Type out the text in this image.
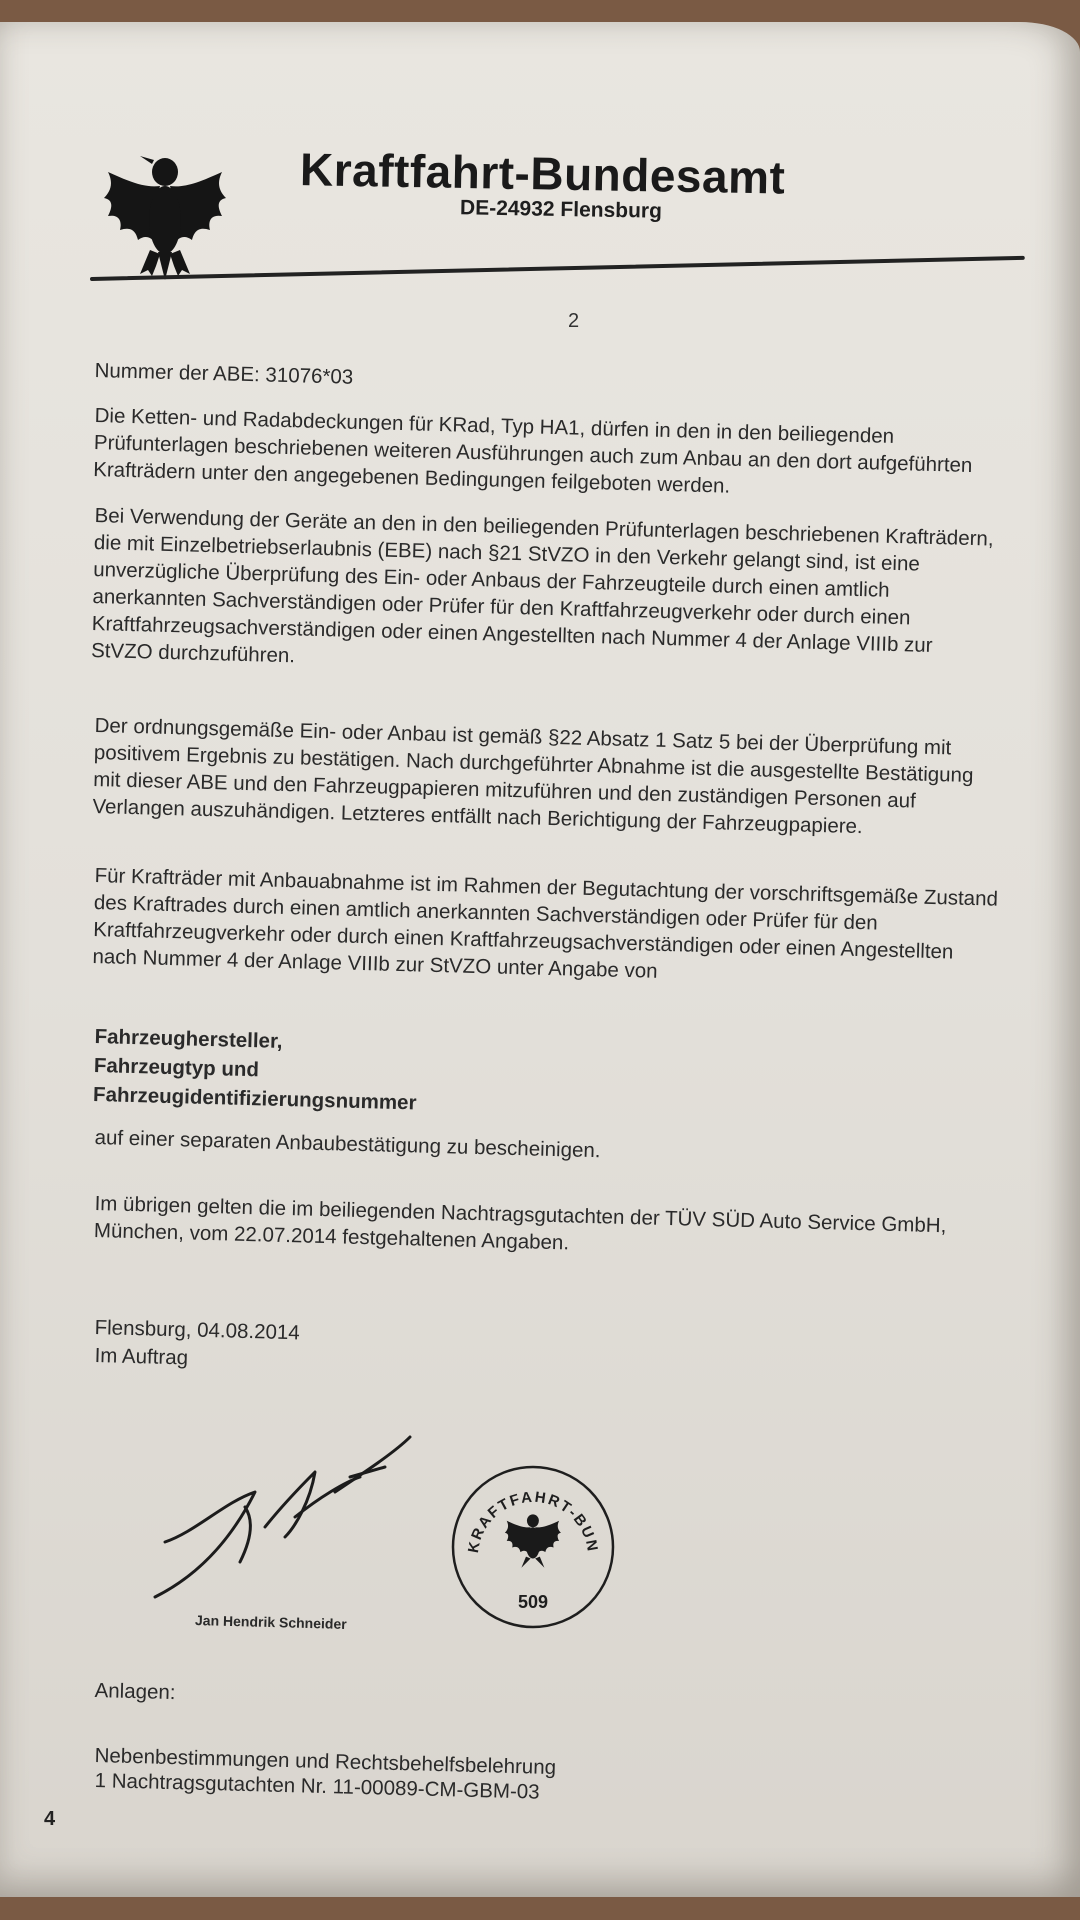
Kraftfahrt-Bundesamt
DE-24932 Flensburg
2
Nummer der ABE: 31076*03
Die Ketten- und Radabdeckungen für KRad, Typ HA1, dürfen in den in den beiliegenden Prüfunterlagen beschriebenen weiteren Ausführungen auch zum Anbau an den dort aufgeführten Krafträdern unter den angegebenen Bedingungen feilgeboten werden.
Bei Verwendung der Geräte an den in den beiliegenden Prüfunterlagen beschriebenen Krafträdern, die mit Einzelbetriebserlaubnis (EBE) nach §21 StVZO in den Verkehr gelangt sind, ist eine unverzügliche Überprüfung des Ein- oder Anbaus der Fahrzeugteile durch einen amtlich anerkannten Sachverständigen oder Prüfer für den Kraftfahrzeugverkehr oder durch einen Kraftfahrzeugsachverständigen oder einen Angestellten nach Nummer 4 der Anlage VIIIb zur StVZO durchzuführen.
Der ordnungsgemäße Ein- oder Anbau ist gemäß §22 Absatz 1 Satz 5 bei der Überprüfung mit positivem Ergebnis zu bestätigen. Nach durchgeführter Abnahme ist die ausgestellte Bestätigung mit dieser ABE und den Fahrzeugpapieren mitzuführen und den zuständigen Personen auf Verlangen auszuhändigen. Letzteres entfällt nach Berichtigung der Fahrzeugpapiere.
Für Krafträder mit Anbauabnahme ist im Rahmen der Begutachtung der vorschriftsgemäße Zustand des Kraftrades durch einen amtlich anerkannten Sachverständigen oder Prüfer für den Kraftfahrzeugverkehr oder durch einen Kraftfahrzeugsachverständigen oder einen Angestellten nach Nummer 4 der Anlage VIIIb zur StVZO unter Angabe von
Fahrzeughersteller,
Fahrzeugtyp und
Fahrzeugidentifizierungsnummer
auf einer separaten Anbaubestätigung zu bescheinigen.
Im übrigen gelten die im beiliegenden Nachtragsgutachten der TÜV SÜD Auto Service GmbH, München, vom 22.07.2014 festgehaltenen Angaben.
Flensburg, 04.08.2014
Im Auftrag
Jan Hendrik Schneider
KRAFTFAHRT-BUN
509
Anlagen:
Nebenbestimmungen und Rechtsbehelfsbelehrung
1 Nachtragsgutachten Nr. 11-00089-CM-GBM-03
4
